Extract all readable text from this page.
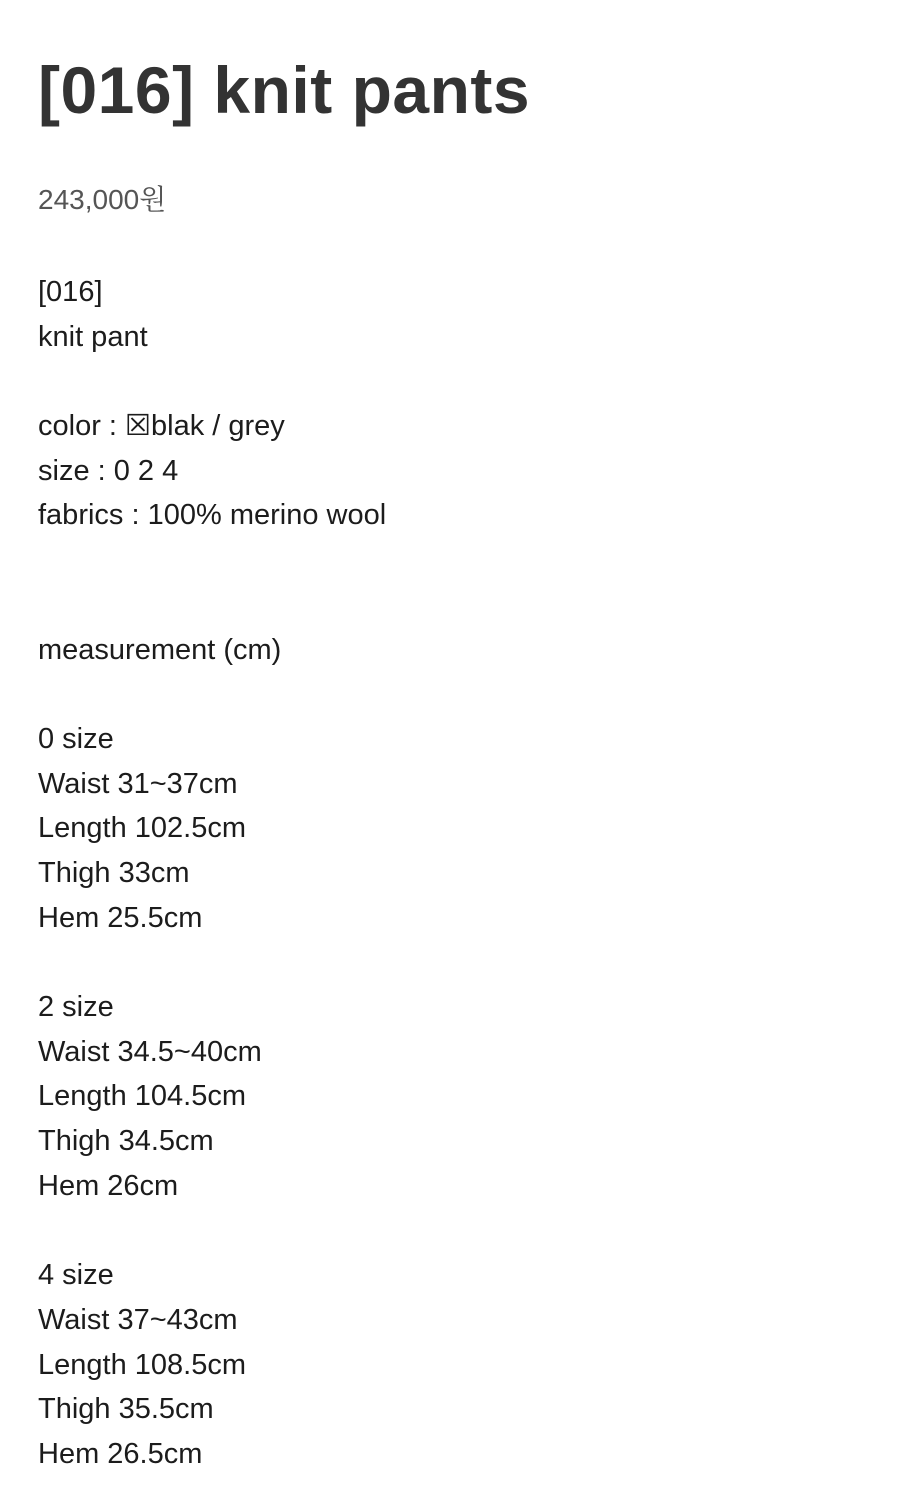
[016] knit pants
243,000원
[016]
knit pant
color : ☒blak / grey
size : 0 2 4
fabrics : 100% merino wool
measurement (cm)
0 size
Waist 31~37cm
Length 102.5cm
Thigh 33cm
Hem 25.5cm
2 size
Waist 34.5~40cm
Length 104.5cm
Thigh 34.5cm
Hem 26cm
4 size
Waist 37~43cm
Length 108.5cm
Thigh 35.5cm
Hem 26.5cm
